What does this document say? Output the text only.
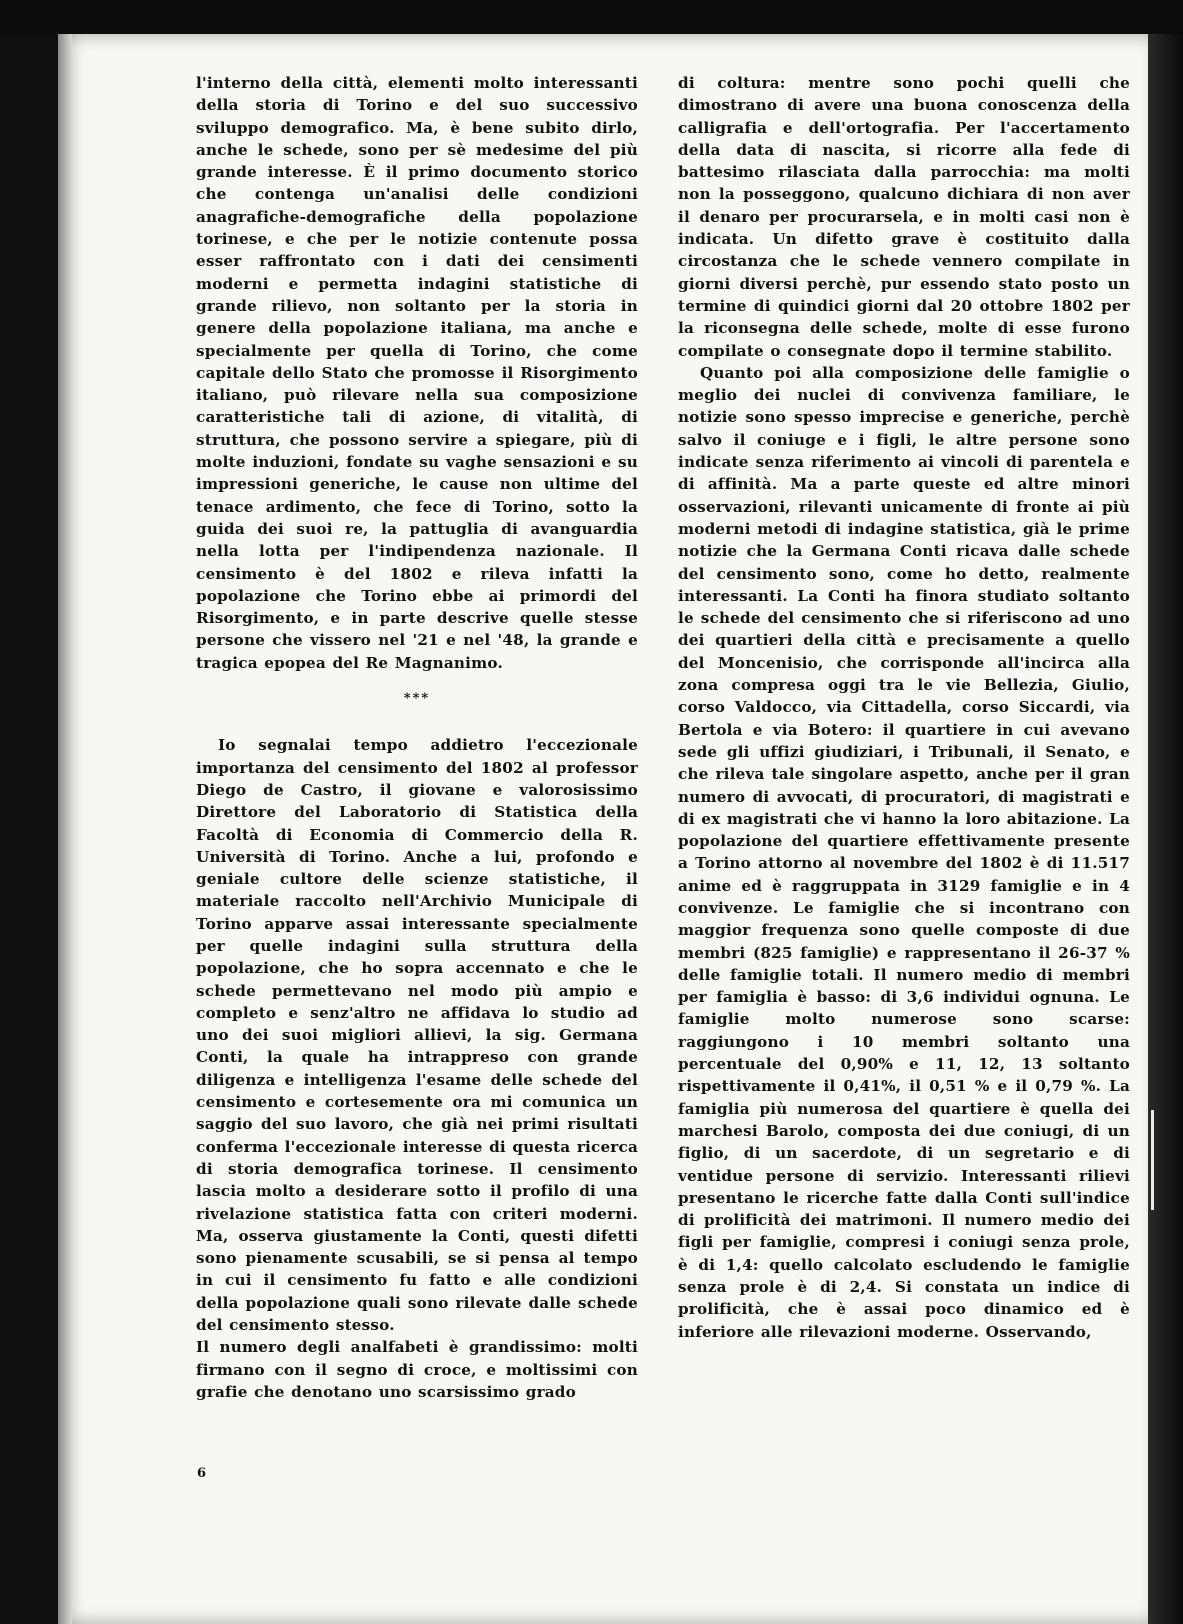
l'interno della città, elementi molto interessanti della storia di Torino e del suo successivo sviluppo demografico. Ma, è bene subito dirlo, anche le schede, sono per sè medesime del più grande interesse. È il primo documento storico che contenga un'analisi delle condizioni anagrafiche-demografiche della popolazione torinese, e che per le notizie contenute possa esser raffrontato con i dati dei censimenti moderni e permetta indagini statistiche di grande rilievo, non soltanto per la storia in genere della popolazione italiana, ma anche e specialmente per quella di Torino, che come capitale dello Stato che promosse il Risorgimento italiano, può rilevare nella sua composizione caratteristiche tali di azione, di vitalità, di struttura, che possono servire a spiegare, più di molte induzioni, fondate su vaghe sensazioni e su impressioni generiche, le cause non ultime del tenace ardimento, che fece di Torino, sotto la guida dei suoi re, la pattuglia di avanguardia nella lotta per l'indipendenza nazionale. Il censimento è del 1802 e rileva infatti la popolazione che Torino ebbe ai primordi del Risorgimento, e in parte descrive quelle stesse persone che vissero nel '21 e nel '48, la grande e tragica epopea del Re Magnanimo.

***

Io segnalai tempo addietro l'eccezionale importanza del censimento del 1802 al professor Diego de Castro, il giovane e valorosissimo Direttore del Laboratorio di Statistica della Facoltà di Economia di Commercio della R. Università di Torino. Anche a lui, profondo e geniale cultore delle scienze statistiche, il materiale raccolto nell'Archivio Municipale di Torino apparve assai interessante specialmente per quelle indagini sulla struttura della popolazione, che ho sopra accennato e che le schede permettevano nel modo più ampio e completo e senz'altro ne affidava lo studio ad uno dei suoi migliori allievi, la sig. Germana Conti, la quale ha intrappreso con grande diligenza e intelligenza l'esame delle schede del censimento e cortesemente ora mi comunica un saggio del suo lavoro, che già nei primi risultati conferma l'eccezionale interesse di questa ricerca di storia demografica torinese. Il censimento lascia molto a desiderare sotto il profilo di una rivelazione statistica fatta con criteri moderni. Ma, osserva giustamente la Conti, questi difetti sono pienamente scusabili, se si pensa al tempo in cui il censimento fu fatto e alle condizioni della popolazione quali sono rilevate dalle schede del censimento stesso.

Il numero degli analfabeti è grandissimo: molti firmano con il segno di croce, e moltissimi con grafie che denotano uno scarsissimo grado

di coltura: mentre sono pochi quelli che dimostrano di avere una buona conoscenza della calligrafia e dell'ortografia. Per l'accertamento della data di nascita, si ricorre alla fede di battesimo rilasciata dalla parrocchia: ma molti non la posseggono, qualcuno dichiara di non aver il denaro per procurarsela, e in molti casi non è indicata. Un difetto grave è costituito dalla circostanza che le schede vennero compilate in giorni diversi perchè, pur essendo stato posto un termine di quindici giorni dal 20 ottobre 1802 per la riconsegna delle schede, molte di esse furono compilate o consegnate dopo il termine stabilito.

Quanto poi alla composizione delle famiglie o meglio dei nuclei di convivenza familiare, le notizie sono spesso imprecise e generiche, perchè salvo il coniuge e i figli, le altre persone sono indicate senza riferimento ai vincoli di parentela e di affinità. Ma a parte queste ed altre minori osservazioni, rilevanti unicamente di fronte ai più moderni metodi di indagine statistica, già le prime notizie che la Germana Conti ricava dalle schede del censimento sono, come ho detto, realmente interessanti. La Conti ha finora studiato soltanto le schede del censimento che si riferiscono ad uno dei quartieri della città e precisamente a quello del Moncenisio, che corrisponde all'incirca alla zona compresa oggi tra le vie Bellezia, Giulio, corso Valdocco, via Cittadella, corso Siccardi, via Bertola e via Botero: il quartiere in cui avevano sede gli uffizi giudiziari, i Tribunali, il Senato, e che rileva tale singolare aspetto, anche per il gran numero di avvocati, di procuratori, di magistrati e di ex magistrati che vi hanno la loro abitazione. La popolazione del quartiere effettivamente presente a Torino attorno al novembre del 1802 è di 11.517 anime ed è raggruppata in 3129 famiglie e in 4 convivenze. Le famiglie che si incontrano con maggior frequenza sono quelle composte di due membri (825 famiglie) e rappresentano il 26-37 % delle famiglie totali. Il numero medio di membri per famiglia è basso: di 3,6 individui ognuna. Le famiglie molto numerose sono scarse: raggiungono i 10 membri soltanto una percentuale del 0,90% e 11, 12, 13 soltanto rispettivamente il 0,41%, il 0,51 % e il 0,79 %. La famiglia più numerosa del quartiere è quella dei marchesi Barolo, composta dei due coniugi, di un figlio, di un sacerdote, di un segretario e di ventidue persone di servizio. Interessanti rilievi presentano le ricerche fatte dalla Conti sull'indice di prolificità dei matrimoni. Il numero medio dei figli per famiglie, compresi i coniugi senza prole, è di 1,4: quello calcolato escludendo le famiglie senza prole è di 2,4. Si constata un indice di prolificità, che è assai poco dinamico ed è inferiore alle rilevazioni moderne. Osservando,

6
